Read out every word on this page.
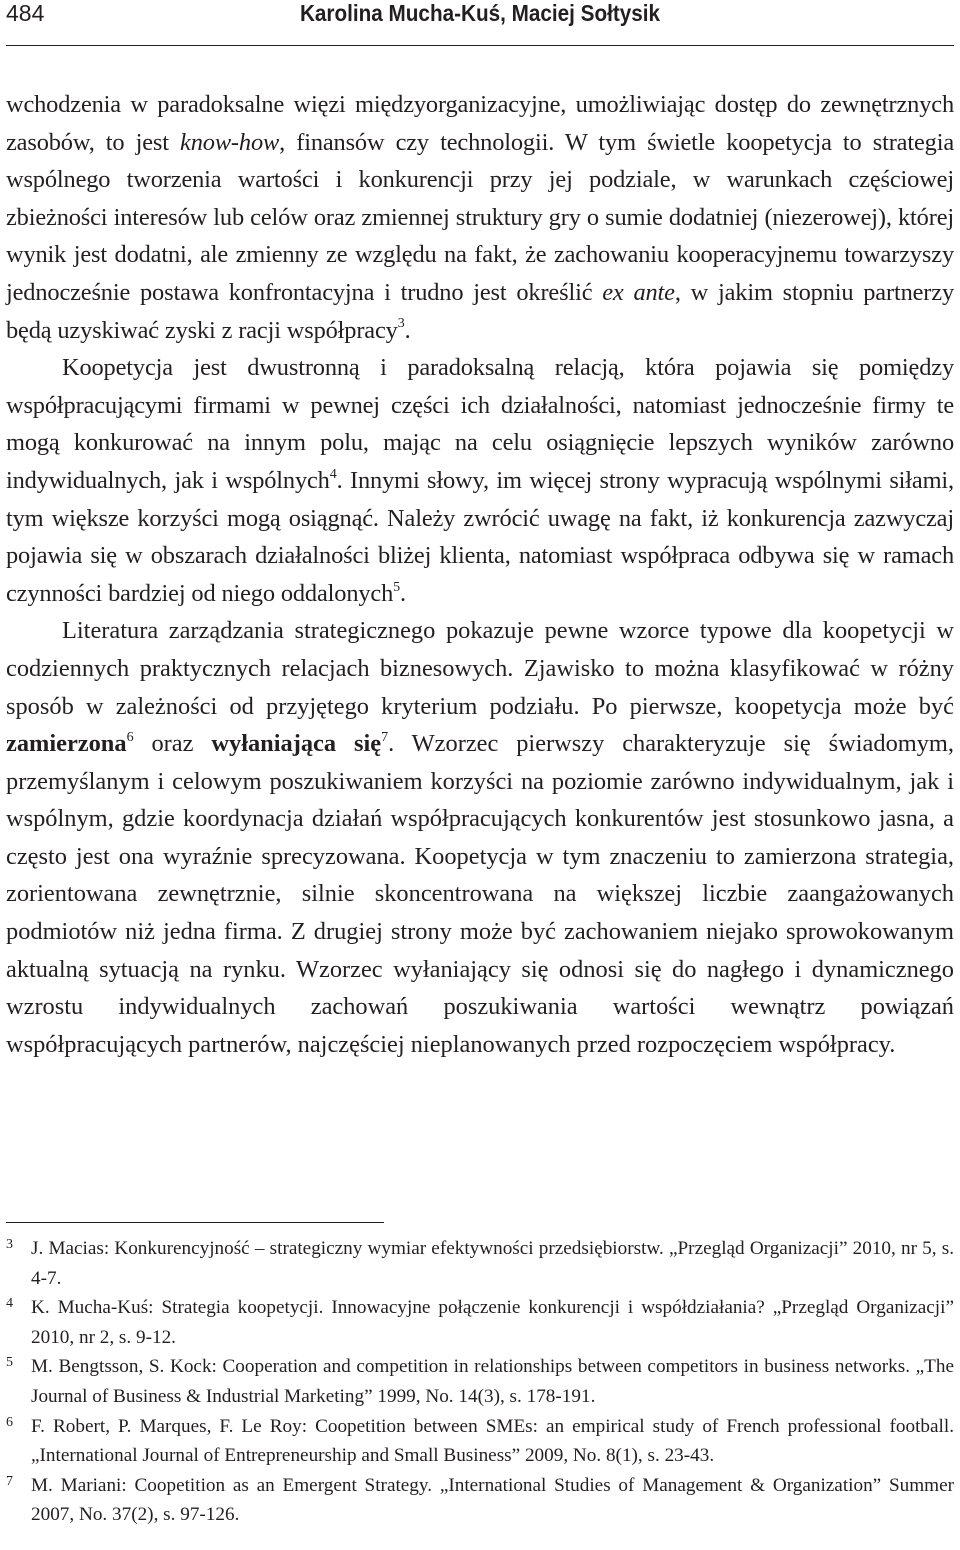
484	Karolina Mucha-Kuś, Maciej Sołtysik

wchodzenia w paradoksalne więzi międzyorganizacyjne, umożliwiając dostęp do zewnętrznych zasobów, to jest know-how, finansów czy technologii. W tym świetle koopetycja to strategia wspólnego tworzenia wartości i konkurencji przy jej podziale, w warunkach częściowej zbieżności interesów lub celów oraz zmiennej struktury gry o sumie dodatniej (niezerowej), której wynik jest dodatni, ale zmienny ze względu na fakt, że zachowaniu kooperacyjnemu towarzyszy jednocześnie postawa konfrontacyjna i trudno jest określić ex ante, w jakim stopniu partnerzy będą uzyskiwać zyski z racji współpracy$^3$.

Koopetycja jest dwustronną i paradoksalną relacją, która pojawia się pomiędzy współpracującymi firmami w pewnej części ich działalności, natomiast jednocześnie firmy te mogą konkurować na innym polu, mając na celu osiągnięcie lepszych wyników zarówno indywidualnych, jak i wspólnych$^4$. Innymi słowy, im więcej strony wypracują wspólnymi siłami, tym większe korzyści mogą osiągnąć. Należy zwrócić uwagę na fakt, iż konkurencja zazwyczaj pojawia się w obszarach działalności bliżej klienta, natomiast współpraca odbywa się w ramach czynności bardziej od niego oddalonych$^5$.

Literatura zarządzania strategicznego pokazuje pewne wzorce typowe dla koopetycji w codziennych praktycznych relacjach biznesowych. Zjawisko to można klasyfikować w różny sposób w zależności od przyjętego kryterium podziału. Po pierwsze, koopetycja może być zamierzona$^6$ oraz wyłaniająca się$^7$. Wzorzec pierwszy charakteryzuje się świadomym, przemyślanym i celowym poszukiwaniem korzyści na poziomie zarówno indywidualnym, jak i wspólnym, gdzie koordynacja działań współpracujących konkurentów jest stosunkowo jasna, a często jest ona wyraźnie sprecyzowana. Koopetycja w tym znaczeniu to zamierzona strategia, zorientowana zewnętrznie, silnie skoncentrowana na większej liczbie zaangażowanych podmiotów niż jedna firma. Z drugiej strony może być zachowaniem niejako sprowokowanym aktualną sytuacją na rynku. Wzorzec wyłaniający się odnosi się do nagłego i dynamicznego wzrostu indywidualnych zachowań poszukiwania wartości wewnątrz powiązań współpracujących partnerów, najczęściej nieplanowanych przed rozpoczęciem współpracy.

3 J. Macias: Konkurencyjność – strategiczny wymiar efektywności przedsiębiorstw. „Przegląd Organizacji” 2010, nr 5, s. 4-7.
4 K. Mucha-Kuś: Strategia koopetycji. Innowacyjne połączenie konkurencji i współdziałania? „Przegląd Organizacji” 2010, nr 2, s. 9-12.
5 M. Bengtsson, S. Kock: Cooperation and competition in relationships between competitors in business networks. „The Journal of Business & Industrial Marketing” 1999, No. 14(3), s. 178-191.
6 F. Robert, P. Marques, F. Le Roy: Coopetition between SMEs: an empirical study of French professional football. „International Journal of Entrepreneurship and Small Business” 2009, No. 8(1), s. 23-43.
7 M. Mariani: Coopetition as an Emergent Strategy. „International Studies of Management & Organization” Summer 2007, No. 37(2), s. 97-126.
